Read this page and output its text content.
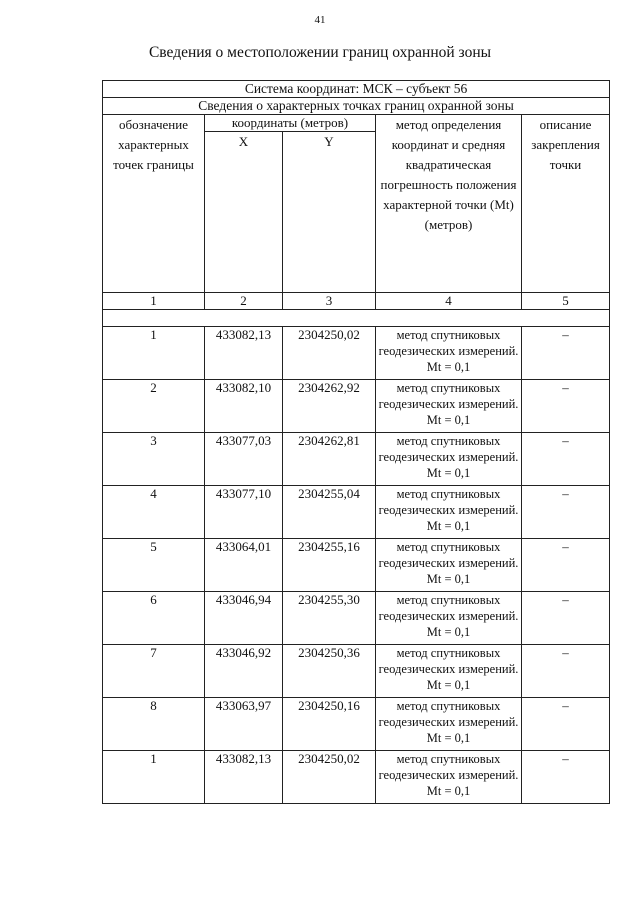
41
Сведения о местоположении границ охранной зоны
Система координат: МСК – субъект 56				
Сведения о характерных точках границ охранной зоны				
обозначение характерных точек границы	координаты (метров)		метод определения координат и средняя квадратическая погрешность положения характерной точки (Mt) (метров)	описание закрепления точки
	X	Y		
1	2	3	4	5

1	433082,13	2304250,02	метод спутниковых геодезических измерений. Mt = 0,1	–
2	433082,10	2304262,92	метод спутниковых геодезических измерений. Mt = 0,1	–
3	433077,03	2304262,81	метод спутниковых геодезических измерений. Mt = 0,1	–
4	433077,10	2304255,04	метод спутниковых геодезических измерений. Mt = 0,1	–
5	433064,01	2304255,16	метод спутниковых геодезических измерений. Mt = 0,1	–
6	433046,94	2304255,30	метод спутниковых геодезических измерений. Mt = 0,1	–
7	433046,92	2304250,36	метод спутниковых геодезических измерений. Mt = 0,1	–
8	433063,97	2304250,16	метод спутниковых геодезических измерений. Mt = 0,1	–
1	433082,13	2304250,02	метод спутниковых геодезических измерений. Mt = 0,1	–
